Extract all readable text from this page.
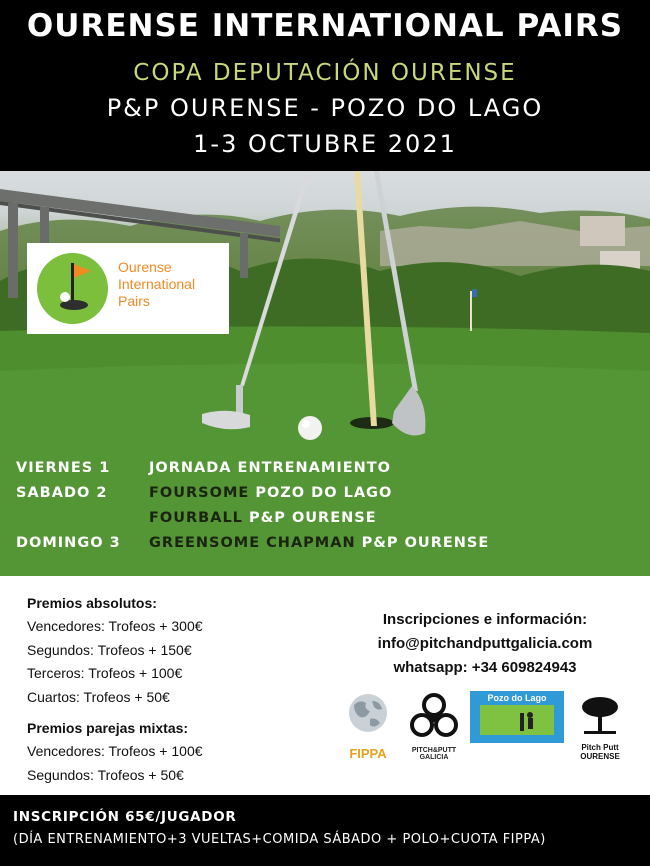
OURENSE INTERNATIONAL PAIRS
COPA DEPUTACIÓN OURENSE
P&P OURENSE - POZO DO LAGO
1-3 OCTUBRE 2021
Ourense
International
Pairs
VIERNES 1	JORNADA ENTRENAMIENTO
SABADO 2	FOURSOME POZO DO LAGO
FOURBALL P&P OURENSE
DOMINGO 3	GREENSOME CHAPMAN P&P OURENSE
Premios absolutos:
Vencedores: Trofeos + 300€
Segundos: Trofeos + 150€
Terceros: Trofeos + 100€
Cuartos: Trofeos + 50€
Premios parejas mixtas:
Vencedores: Trofeos + 100€
Segundos: Trofeos + 50€
Inscripciones e información:
info@pitchandputtgalicia.com
whatsapp: +34 609824943
FIPPA	PITCH&PUTT GALICIA
Pozo do Lago
Pitch Putt OURENSE
INSCRIPCIÓN 65€/JUGADOR
(DÍA ENTRENAMIENTO+3 VUELTAS+COMIDA SÁBADO + POLO+CUOTA FIPPA)
